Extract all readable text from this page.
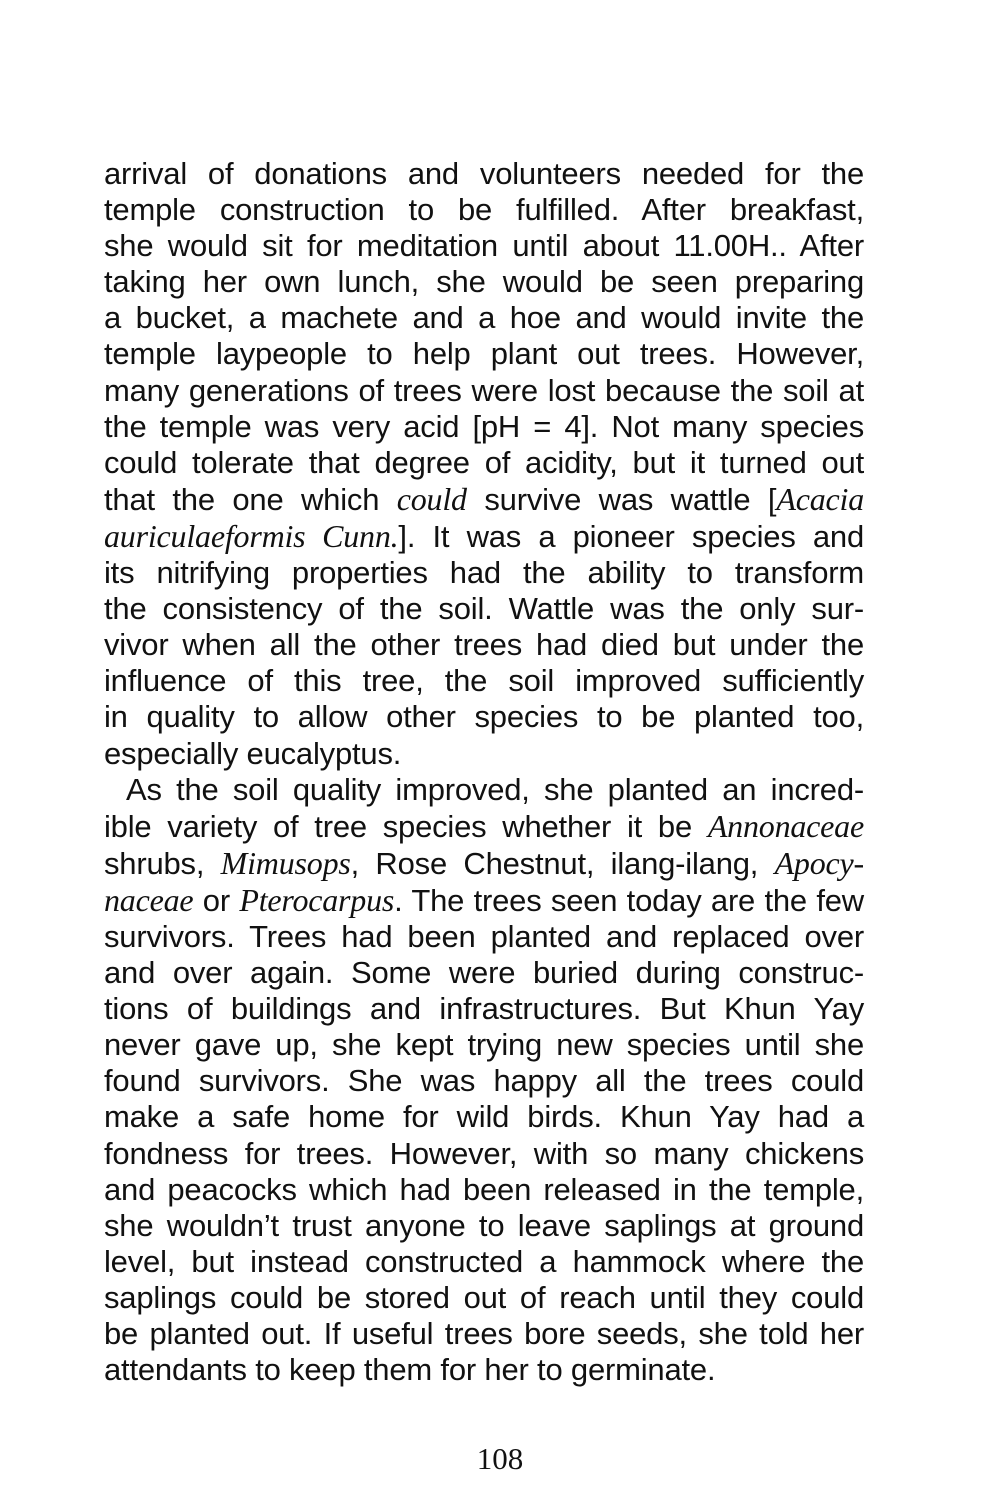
arrival of donations and volunteers needed for the
temple construction to be fulfilled. After breakfast,
she would sit for meditation until about 11.00H.. After
taking her own lunch, she would be seen preparing
a bucket, a machete and a hoe and would invite the
temple laypeople to help plant out trees. However,
many generations of trees were lost because the soil at
the temple was very acid [pH = 4]. Not many species
could tolerate that degree of acidity, but it turned out
that the one which could survive was wattle [Acacia
auriculaeformis Cunn.]. It was a pioneer species and
its nitrifying properties had the ability to transform
the consistency of the soil. Wattle was the only sur-
vivor when all the other trees had died but under the
influence of this tree, the soil improved sufficiently
in quality to allow other species to be planted too,
especially eucalyptus.
As the soil quality improved, she planted an incred-
ible variety of tree species whether it be Annonaceae
shrubs, Mimusops, Rose Chestnut, ilang-ilang, Apocy-
naceae or Pterocarpus. The trees seen today are the few
survivors. Trees had been planted and replaced over
and over again. Some were buried during construc-
tions of buildings and infrastructures. But Khun Yay
never gave up, she kept trying new species until she
found survivors. She was happy all the trees could
make a safe home for wild birds. Khun Yay had a
fondness for trees. However, with so many chickens
and peacocks which had been released in the temple,
she wouldn’t trust anyone to leave saplings at ground
level, but instead constructed a hammock where the
saplings could be stored out of reach until they could
be planted out. If useful trees bore seeds, she told her
attendants to keep them for her to germinate.
108
